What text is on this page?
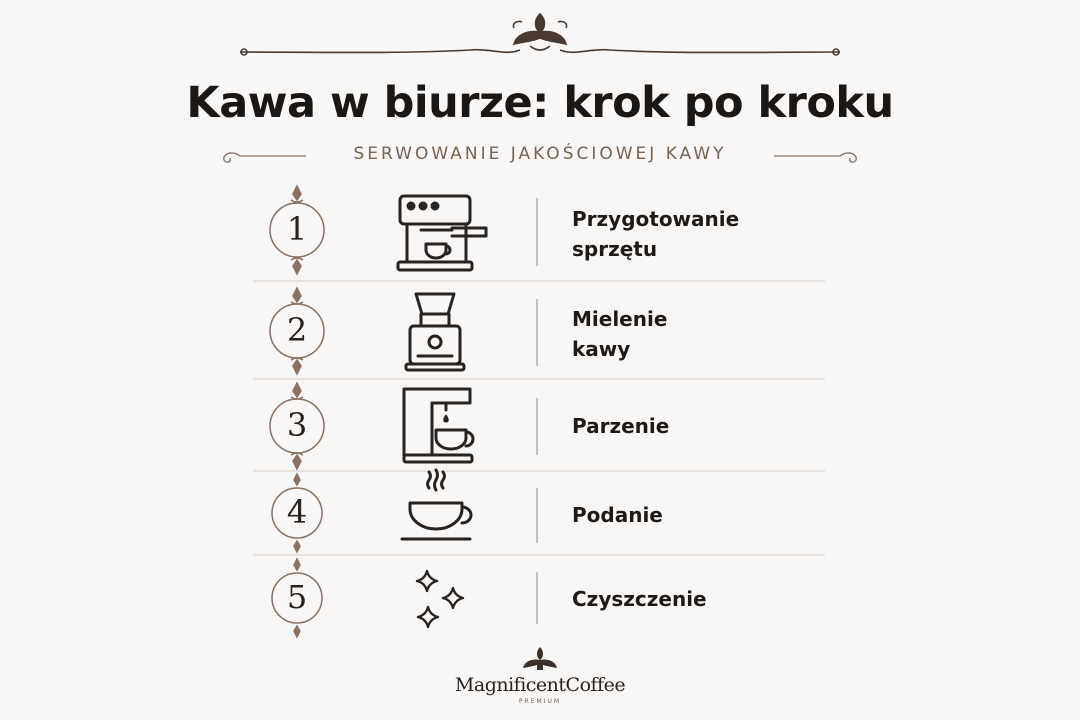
Kawa w biurze: krok po kroku
SERWOWANIE JAKOŚCIOWEJ KAWY
1
2
3
4
5
Przygotowanie
sprzętu
Mielenie
kawy
Parzenie
Podanie
Czyszczenie
MagnificentCoffee
PREMIUM
